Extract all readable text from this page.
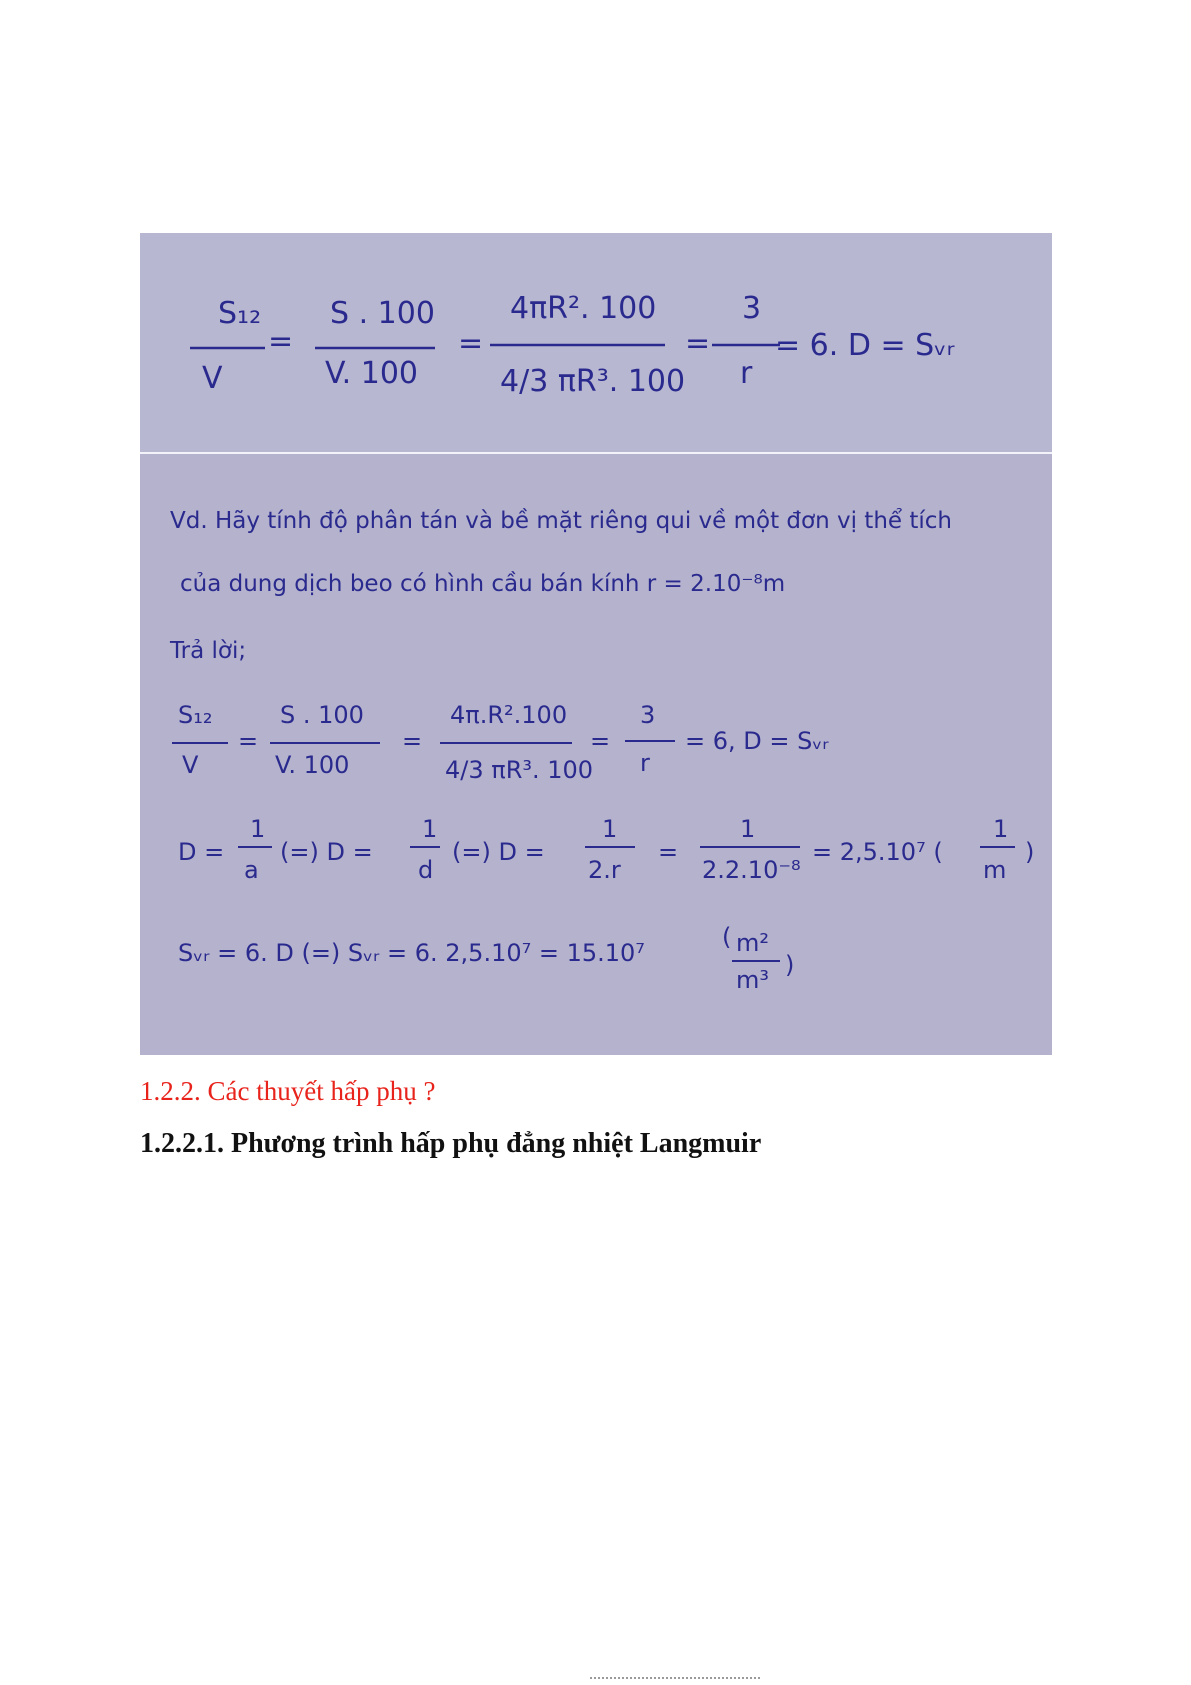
S₁₂
V
=
S . 100
V. 100
=
4πR². 100
4/3 πR³. 100
=
3
r
= 6. D = Sᵥᵣ
Vd. Hãy tính độ phân tán và bề mặt riêng qui về một đơn vị thể tích
của dung dịch beo có hình cầu bán kính r = 2.10⁻⁸m
Trả lời;
S₁₂
V
=
S . 100
V. 100
=
4π.R².100
4/3 πR³. 100
=
3
r
= 6, D = Sᵥᵣ
D =
1
a
(=) D =
1
d
(=) D =
1
2.r
=
1
2.2.10⁻⁸
= 2,5.10⁷ (
1
m
)
Sᵥᵣ = 6. D (=) Sᵥᵣ = 6. 2,5.10⁷ = 15.10⁷
( m²
m³
)
1.2.2. Các thuyết hấp phụ ?
1.2.2.1. Phương trình hấp phụ đẳng nhiệt Langmuir
